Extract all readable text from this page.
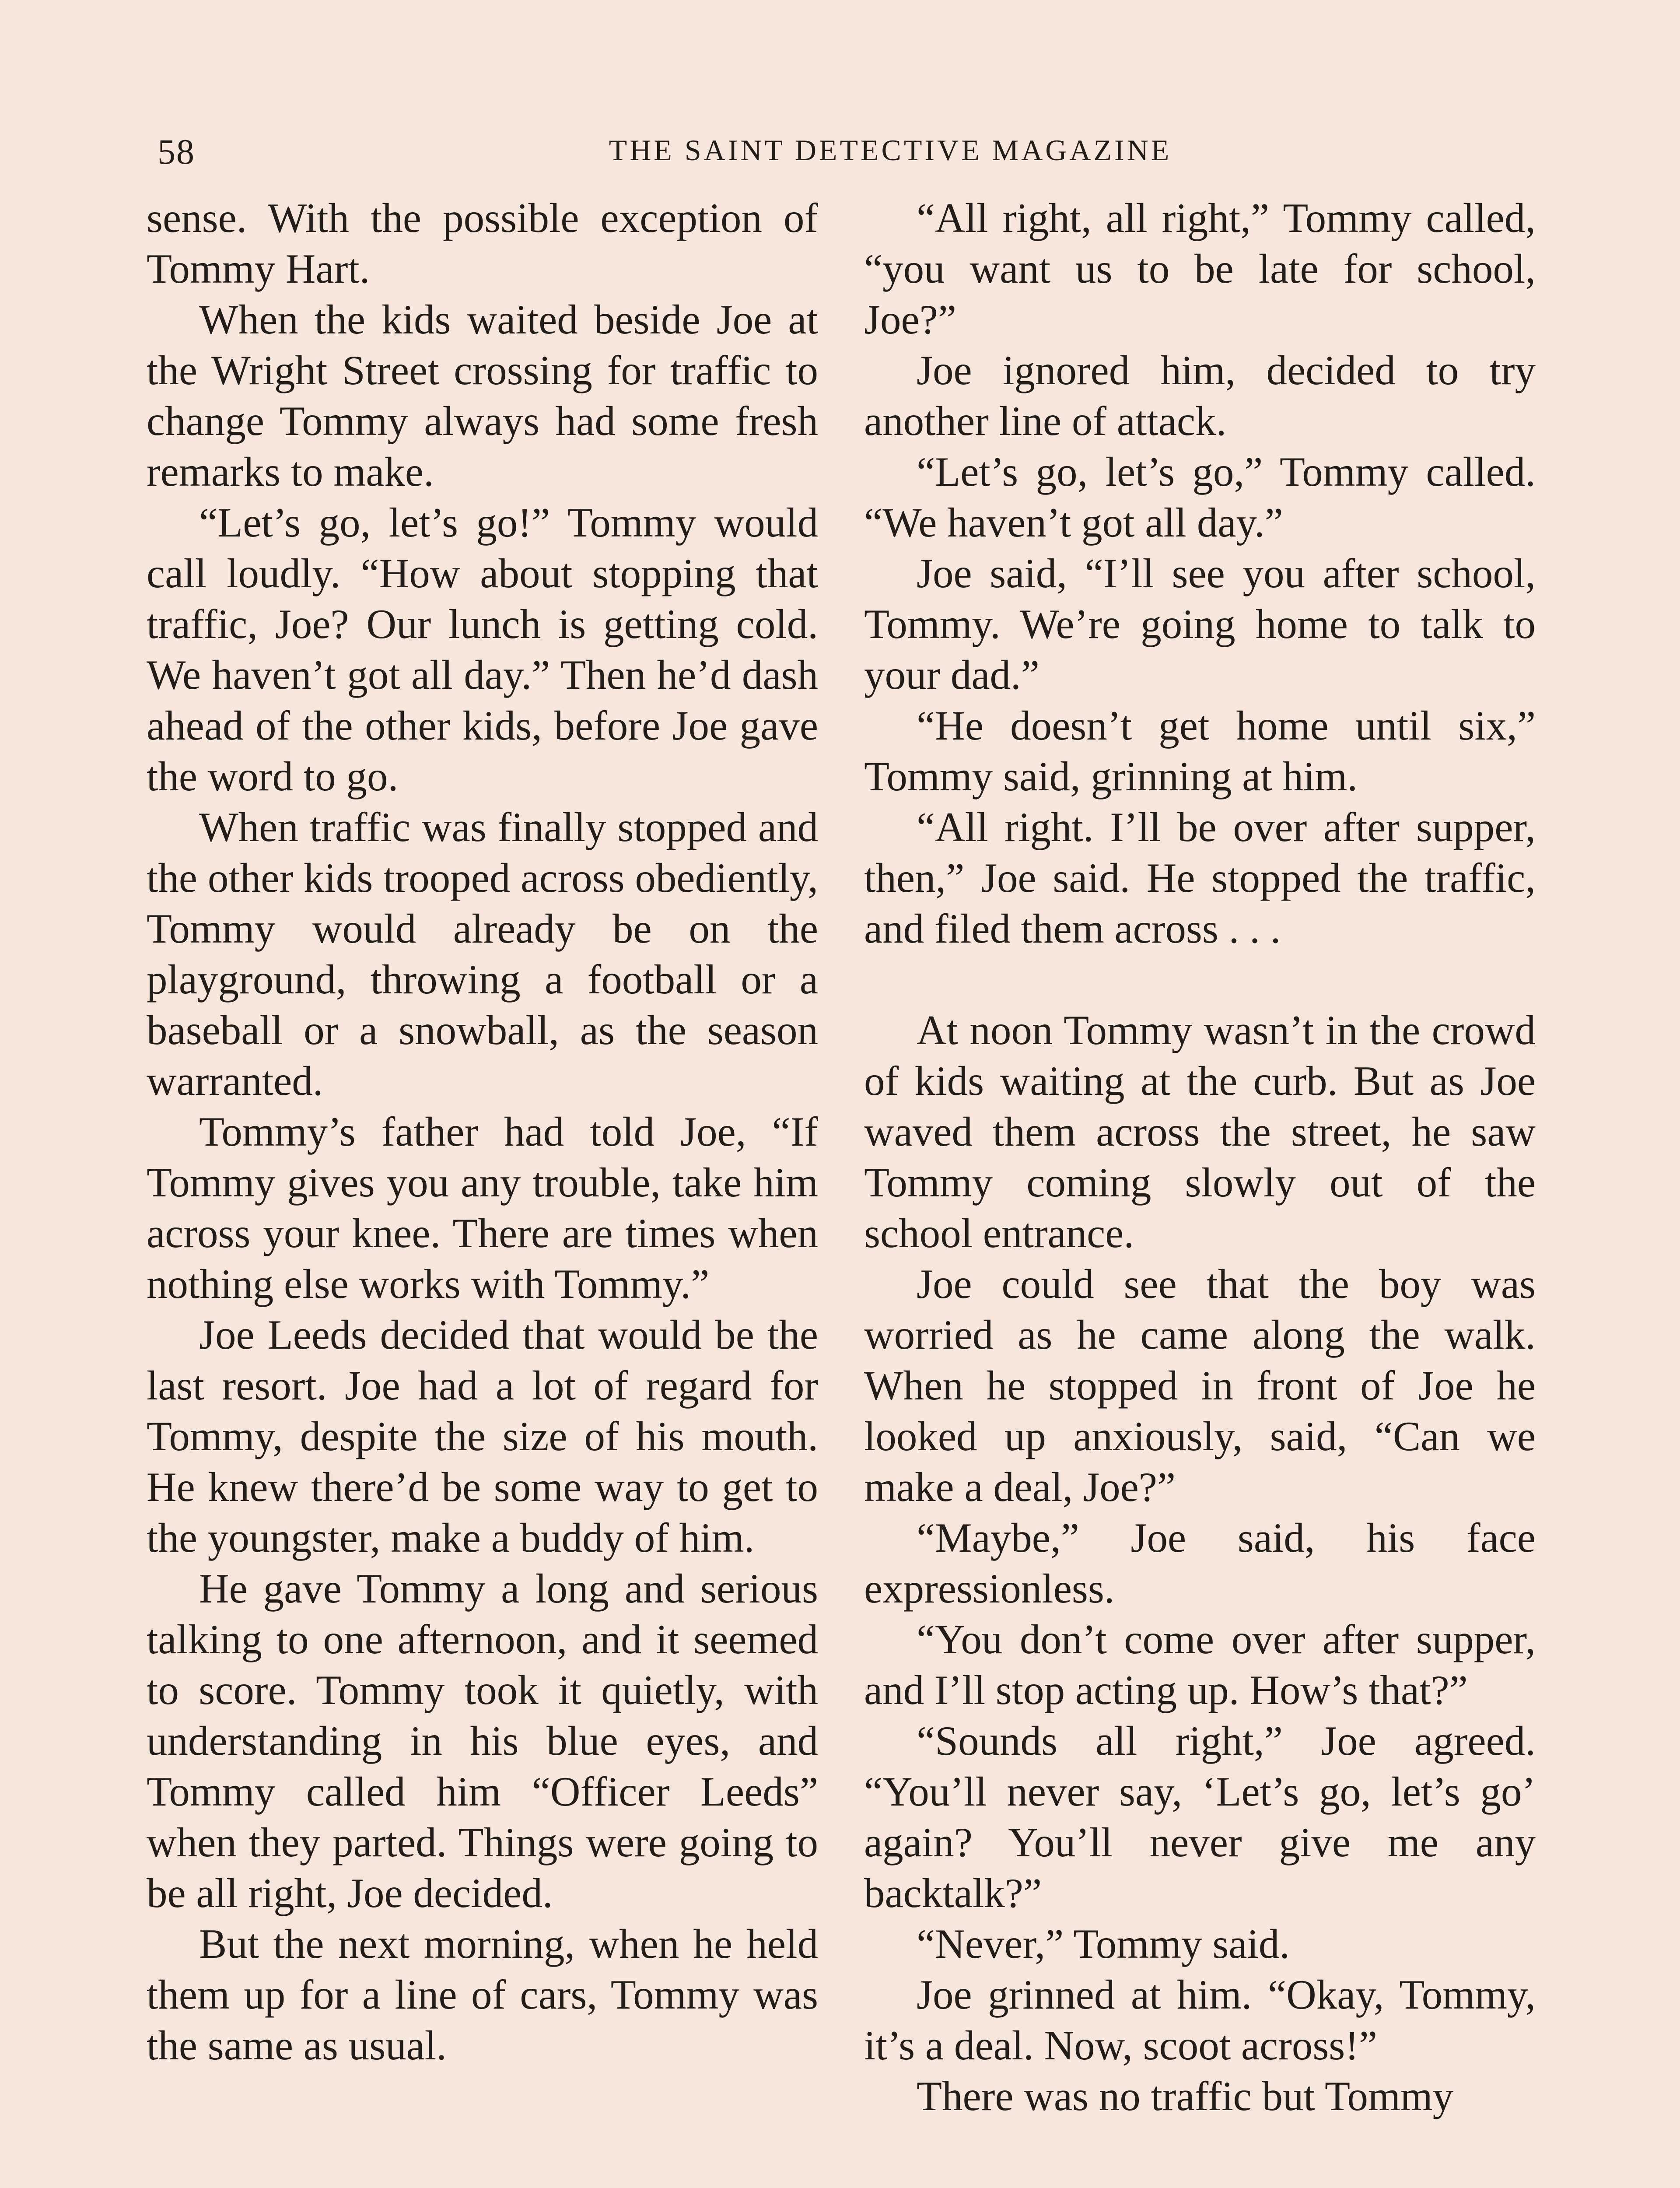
58	THE SAINT DETECTIVE MAGAZINE

sense. With the possible exception of Tommy Hart.

When the kids waited beside Joe at the Wright Street crossing for traffic to change Tommy always had some fresh remarks to make.

“Let’s go, let’s go!” Tommy would call loudly. “How about stopping that traffic, Joe? Our lunch is getting cold. We haven’t got all day.” Then he’d dash ahead of the other kids, before Joe gave the word to go.

When traffic was finally stopped and the other kids trooped across obediently, Tommy would already be on the playground, throwing a football or a baseball or a snowball, as the season warranted.

Tommy’s father had told Joe, “If Tommy gives you any trouble, take him across your knee. There are times when nothing else works with Tommy.”

Joe Leeds decided that would be the last resort. Joe had a lot of regard for Tommy, despite the size of his mouth. He knew there’d be some way to get to the youngster, make a buddy of him.

He gave Tommy a long and serious talking to one afternoon, and it seemed to score. Tommy took it quietly, with understanding in his blue eyes, and Tommy called him “Officer Leeds” when they parted. Things were going to be all right, Joe decided.

But the next morning, when he held them up for a line of cars, Tommy was the same as usual.

“All right, all right,” Tommy called, “you want us to be late for school, Joe?”

Joe ignored him, decided to try another line of attack.

“Let’s go, let’s go,” Tommy called. “We haven’t got all day.”

Joe said, “I’ll see you after school, Tommy. We’re going home to talk to your dad.”

“He doesn’t get home until six,” Tommy said, grinning at him.

“All right. I’ll be over after supper, then,” Joe said. He stopped the traffic, and filed them across . . .

At noon Tommy wasn’t in the crowd of kids waiting at the curb. But as Joe waved them across the street, he saw Tommy coming slowly out of the school entrance.

Joe could see that the boy was worried as he came along the walk. When he stopped in front of Joe he looked up anxiously, said, “Can we make a deal, Joe?”

“Maybe,” Joe said, his face expressionless.

“You don’t come over after supper, and I’ll stop acting up. How’s that?”

“Sounds all right,” Joe agreed. “You’ll never say, ‘Let’s go, let’s go’ again? You’ll never give me any backtalk?”

“Never,” Tommy said.

Joe grinned at him. “Okay, Tommy, it’s a deal. Now, scoot across!”

There was no traffic but Tommy
